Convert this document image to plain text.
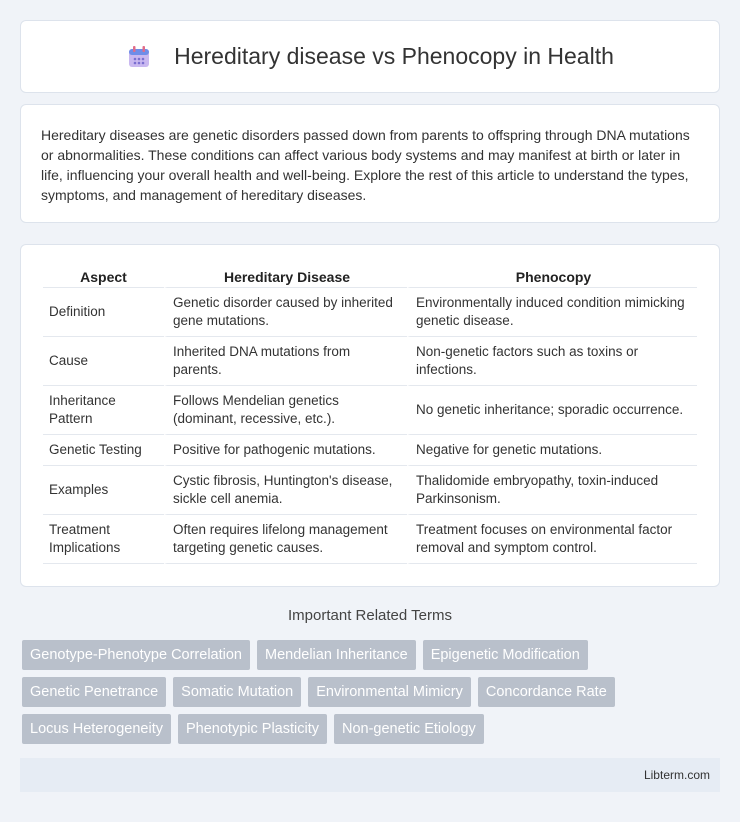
Hereditary disease vs Phenocopy in Health

Hereditary diseases are genetic disorders passed down from parents to offspring through DNA mutations or abnormalities. These conditions can affect various body systems and may manifest at birth or later in life, influencing your overall health and well-being. Explore the rest of this article to understand the types, symptoms, and management of hereditary diseases.

Aspect	Hereditary Disease	Phenocopy
Definition	Genetic disorder caused by inherited gene mutations.	Environmentally induced condition mimicking genetic disease.
Cause	Inherited DNA mutations from parents.	Non-genetic factors such as toxins or infections.
Inheritance Pattern	Follows Mendelian genetics (dominant, recessive, etc.).	No genetic inheritance; sporadic occurrence.
Genetic Testing	Positive for pathogenic mutations.	Negative for genetic mutations.
Examples	Cystic fibrosis, Huntington's disease, sickle cell anemia.	Thalidomide embryopathy, toxin-induced Parkinsonism.
Treatment Implications	Often requires lifelong management targeting genetic causes.	Treatment focuses on environmental factor removal and symptom control.
Important Related Terms
Genotype-Phenotype Correlation	Mendelian Inheritance	Epigenetic Modification
Genetic Penetrance	Somatic Mutation	Environmental Mimicry	Concordance Rate
Locus Heterogeneity	Phenotypic Plasticity	Non-genetic Etiology
Libterm.com
